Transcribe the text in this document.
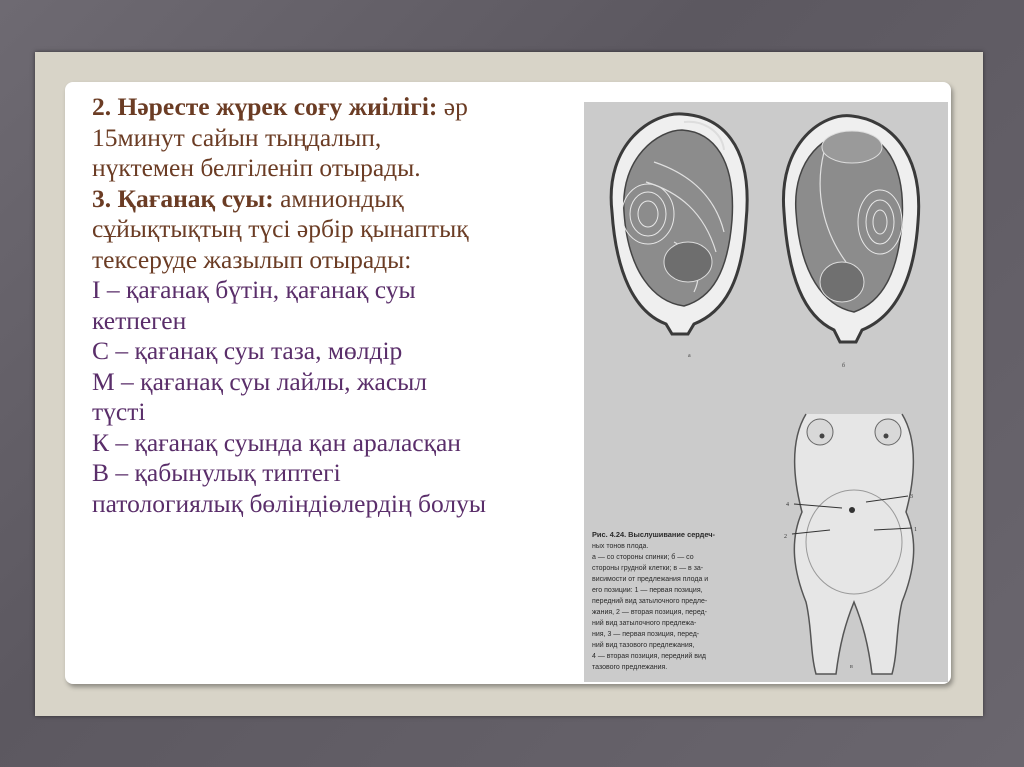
2. Нәресте жүрек соғу жиілігі: әр
15минут сайын тыңдалып,
нүктемен белгіленіп отырады.
3. Қағанақ суы: амниондық
сұйықтықтың түсі әрбір қынаптық
тексеруде жазылып отырады:
І – қағанақ бүтін, қағанақ суы
кетпеген
С – қағанақ суы таза, мөлдір
М – қағанақ суы лайлы, жасыл
түсті
К – қағанақ суында қан араласқан
В – қабынулық типтегі
патологиялық бөліндіөлердің болуы
а
б
4
3
2
1
в
Рис. 4.24. Выслушивание сердеч-
ных тонов плода.
а — со стороны спинки; б — со
стороны грудной клетки; в — в за-
висимости от предлежания плода и
его позиции: 1 — первая позиция,
передний вид затылочного предле-
жания, 2 — вторая позиция, перед-
ний вид затылочного предлежа-
ния, 3 — первая позиция, перед-
ний вид тазового предлежания,
4 — вторая позиция, передний вид
тазового предлежания.
